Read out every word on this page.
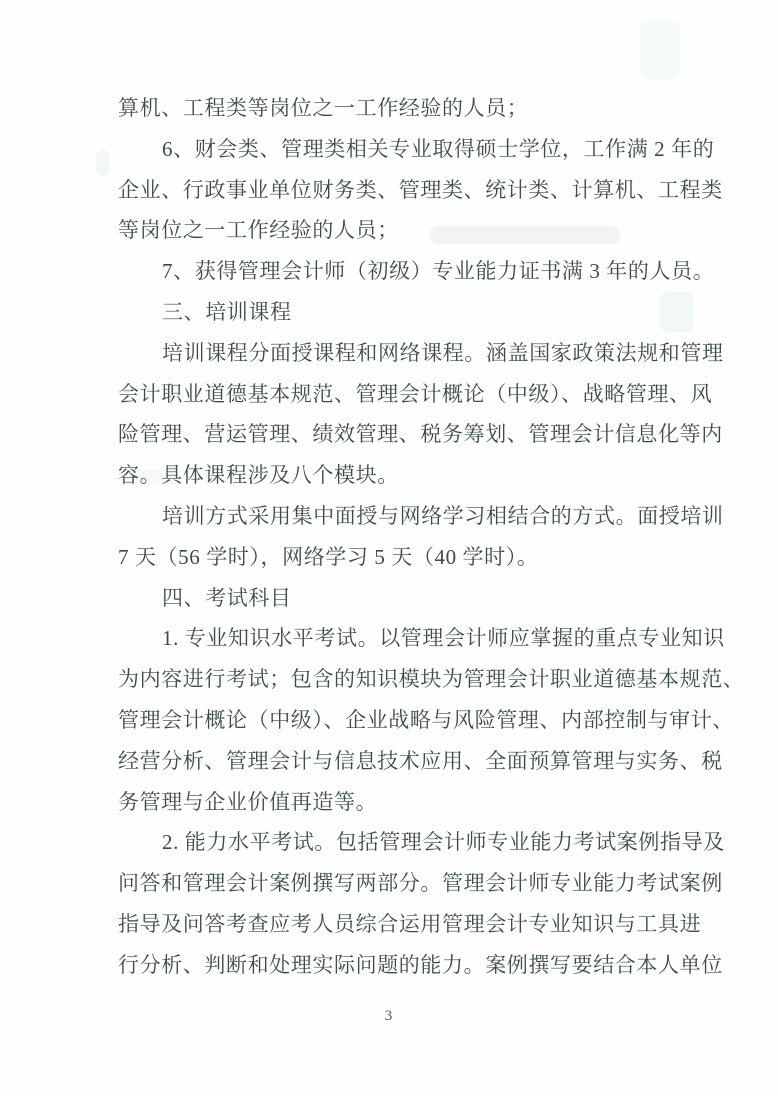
算机、工程类等岗位之一工作经验的人员；
6、财会类、管理类相关专业取得硕士学位，工作满 2 年的
企业、行政事业单位财务类、管理类、统计类、计算机、工程类
等岗位之一工作经验的人员；
7、获得管理会计师（初级）专业能力证书满 3 年的人员。
三、培训课程
培训课程分面授课程和网络课程。涵盖国家政策法规和管理
会计职业道德基本规范、管理会计概论（中级）、战略管理、风
险管理、营运管理、绩效管理、税务筹划、管理会计信息化等内
容。具体课程涉及八个模块。
培训方式采用集中面授与网络学习相结合的方式。面授培训
7 天（56 学时），网络学习 5 天（40 学时）。
四、考试科目
1. 专业知识水平考试。以管理会计师应掌握的重点专业知识
为内容进行考试；包含的知识模块为管理会计职业道德基本规范、
管理会计概论（中级）、企业战略与风险管理、内部控制与审计、
经营分析、管理会计与信息技术应用、全面预算管理与实务、税
务管理与企业价值再造等。
2. 能力水平考试。包括管理会计师专业能力考试案例指导及
问答和管理会计案例撰写两部分。管理会计师专业能力考试案例
指导及问答考查应考人员综合运用管理会计专业知识与工具进
行分析、判断和处理实际问题的能力。案例撰写要结合本人单位
3
